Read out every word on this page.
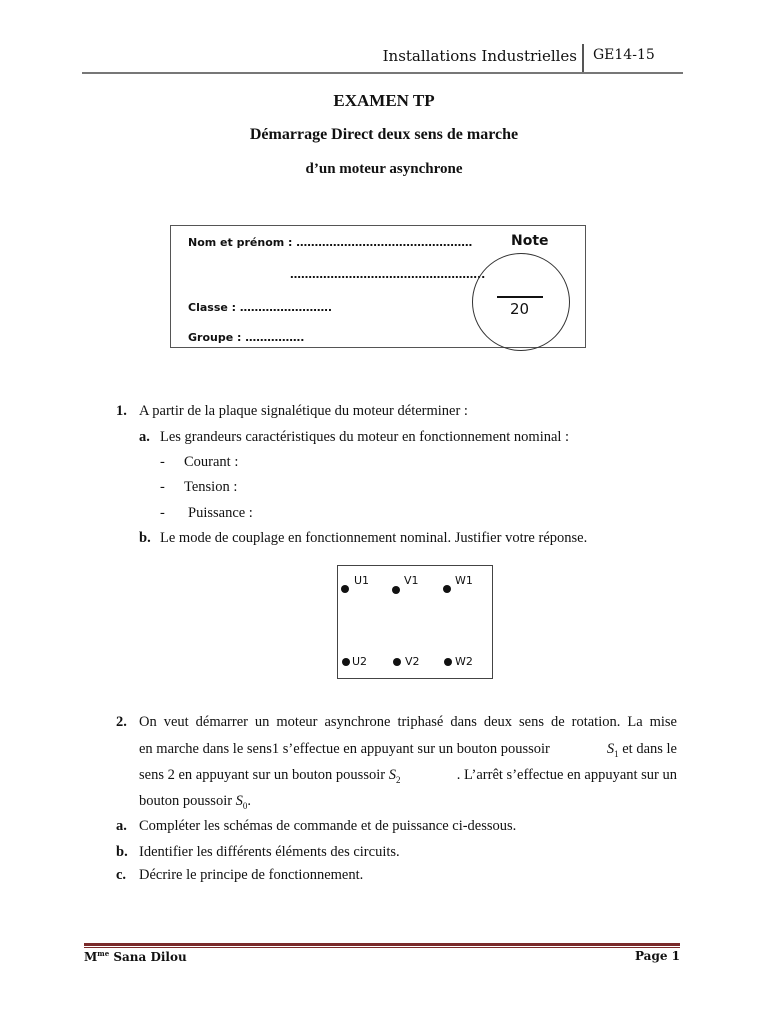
Installations Industrielles GE14-15
EXAMEN TP
Démarrage Direct deux sens de marche
d’un moteur asynchrone
Nom et prénom : …………………………………………
……………………………………………..
Classe : …………………….
Groupe : …………….
Note
20
1. A partir de la plaque signalétique du moteur déterminer :
a. Les grandeurs caractéristiques du moteur en fonctionnement nominal :
- Courant :
- Tension :
- Puissance :
b. Le mode de couplage en fonctionnement nominal. Justifier votre réponse.
U1	V1	W1
U2	V2	W2
2. On veut démarrer un moteur asynchrone triphasé dans deux sens de rotation. La mise
en marche dans le sens1 s’effectue en appuyant sur un bouton poussoir	$S_1$ et dans le
sens 2 en appuyant sur un bouton poussoir $S_2$	. L’arrêt s’effectue en appuyant sur un
bouton poussoir $S_0$.
a. Compléter les schémas de commande et de puissance ci-dessous.
b. Identifier les différents éléments des circuits.
c. Décrire le principe de fonctionnement.
$M^{me}$ Sana Dilou	Page 1
